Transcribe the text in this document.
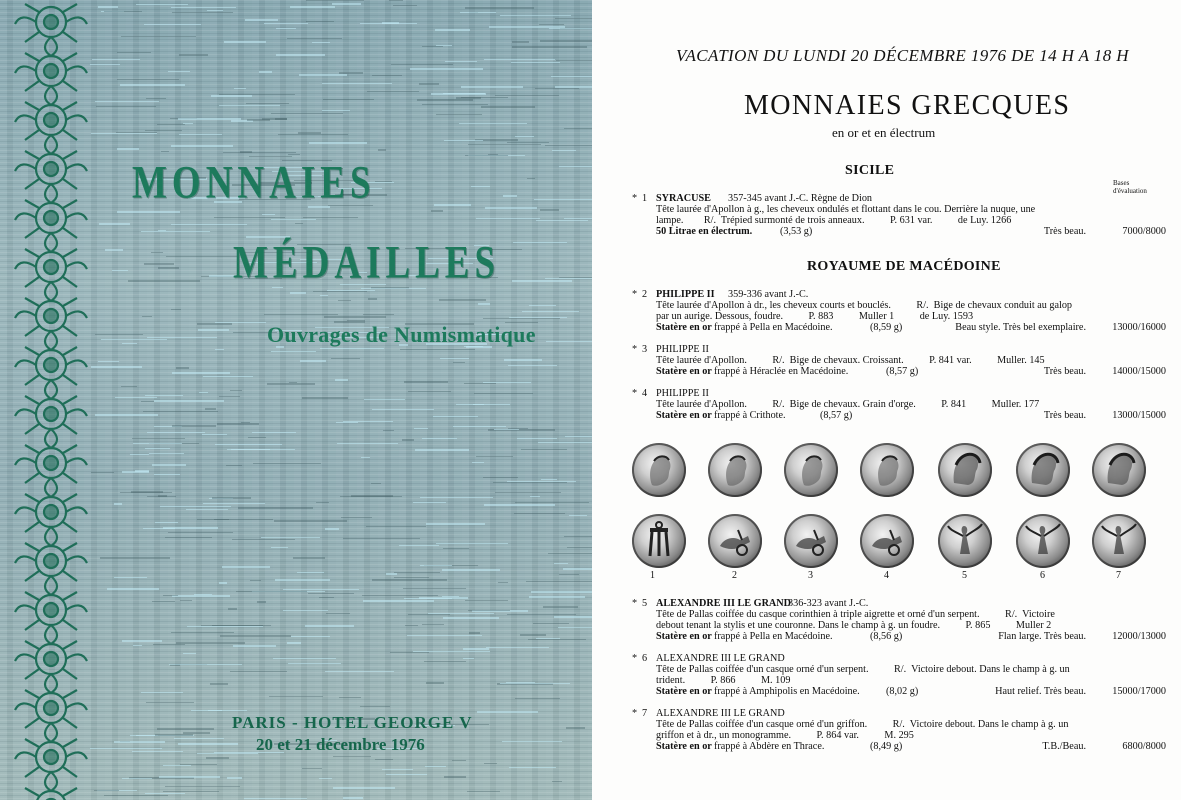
MONNAIES
MÉDAILLES
Ouvrages de Numismatique
PARIS - HOTEL GEORGE V
20 et 21 décembre 1976
VACATION DU LUNDI 20 DÉCEMBRE 1976 DE 14 H A 18 H
MONNAIES GRECQUES
en or et en électrum
SICILE
Bases
d'évaluation
ROYAUME DE MACÉDOINE
* 1 SYRACUSE 357-345 avant J.-C. Règne de Dion
Tête laurée d'Apollon à g., les cheveux ondulés et flottant dans le cou. Derrière la nuque, une
lampe.        R/.  Trépied surmonté de trois anneaux.          P. 631 var.          de Luy. 1266
50 Litrae en électrum.	(3,53 g)	Très beau.	7000/8000
* 2 PHILIPPE II 359-336 avant J.-C.
Tête laurée d'Apollon à dr., les cheveux courts et bouclés.          R/.  Bige de chevaux conduit au galop
par un aurige. Dessous, foudre.          P. 883          Muller 1          de Luy. 1593
Statère en or frappé à Pella en Macédoine.	(8,59 g)	Beau style. Très bel exemplaire.	13000/16000
* 3 PHILIPPE II
Tête laurée d'Apollon.          R/.  Bige de chevaux. Croissant.          P. 841 var.          Muller. 145
Statère en or frappé à Héraclée en Macédoine.	(8,57 g)	Très beau.	14000/15000
* 4 PHILIPPE II
Tête laurée d'Apollon.          R/.  Bige de chevaux. Grain d'orge.          P. 841          Muller. 177
Statère en or frappé à Crithote.	(8,57 g)	Très beau.	13000/15000
* 5 ALEXANDRE III LE GRAND
336-323 avant J.-C.
Tête de Pallas coiffée du casque corinthien à triple aigrette et orné d'un serpent.          R/.  Victoire
debout tenant la stylis et une couronne. Dans le champ à g. un foudre.          P. 865          Muller 2
Statère en or frappé à Pella en Macédoine.	(8,56 g)	Flan large. Très beau.	12000/13000
* 6 ALEXANDRE III LE GRAND
Tête de Pallas coiffée d'un casque orné d'un serpent.          R/.  Victoire debout. Dans le champ à g. un
trident.          P. 866          M. 109
Statère en or frappé à Amphipolis en Macédoine.	(8,02 g)	Haut relief. Très beau.	15000/17000
* 7 ALEXANDRE III LE GRAND
Tête de Pallas coiffée d'un casque orné d'un griffon.          R/.  Victoire debout. Dans le champ à g. un
griffon et à dr., un monogramme.          P. 864 var.          M. 295
Statère en or frappé à Abdère en Thrace.	(8,49 g)	T.B./Beau.	6800/8000
1	2	3	4	5	6	7
